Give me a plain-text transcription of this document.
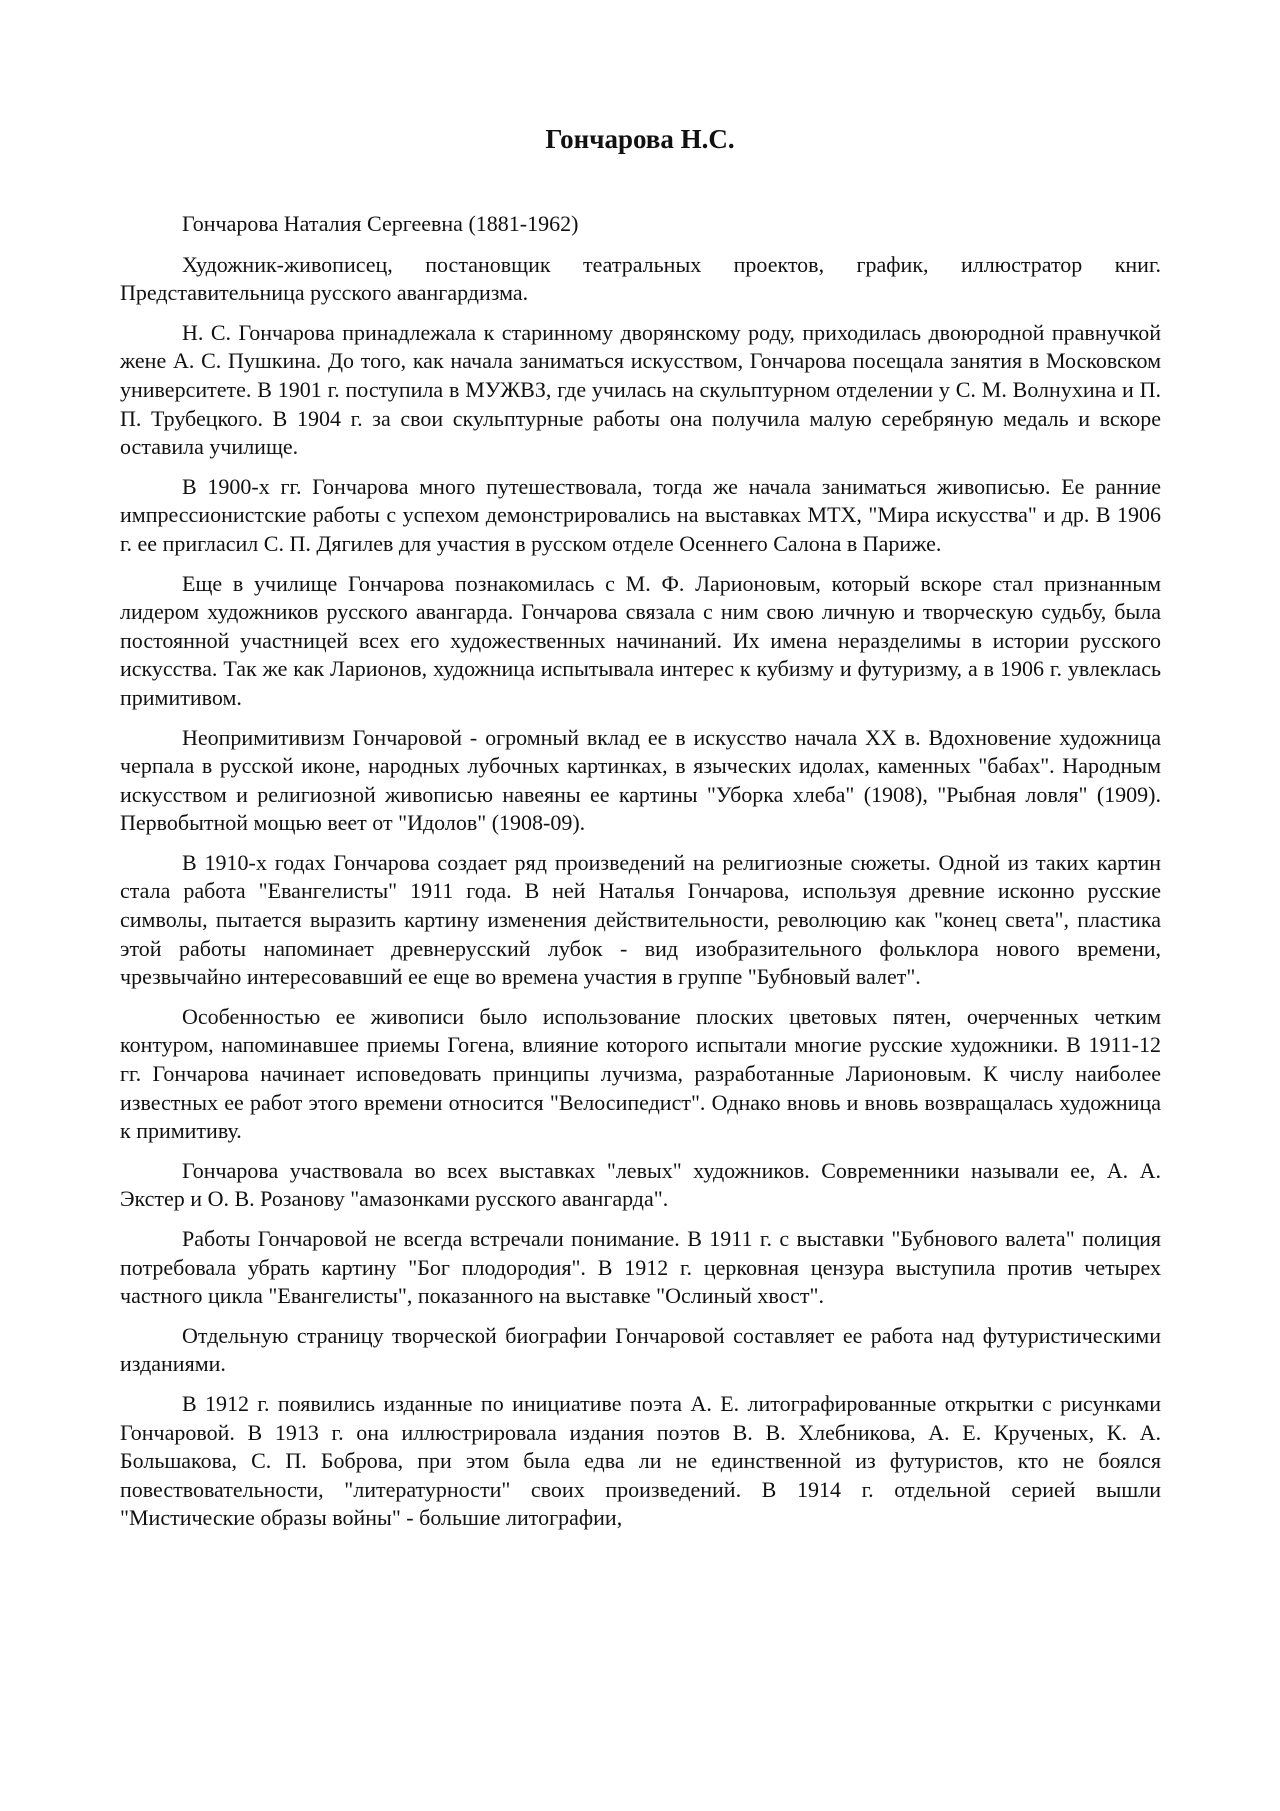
Гончарова Н.С.

Гончарова Наталия Сергеевна (1881-1962)

Художник-живописец, постановщик театральных проектов, график, иллюстратор книг. Представительница русского авангардизма.

Н. С. Гончарова принадлежала к старинному дворянскому роду, приходилась двоюродной правнучкой жене А. С. Пушкина. До того, как начала заниматься искусством, Гончарова посещала занятия в Московском университете. В 1901 г. поступила в МУЖВЗ, где училась на скульптурном отделении у С. М. Волнухина и П. П. Трубецкого. В 1904 г. за свои скульптурные работы она получила малую серебряную медаль и вскоре оставила училище.

В 1900-х гг. Гончарова много путешествовала, тогда же начала заниматься живописью. Ее ранние импрессионистские работы с успехом демонстрировались на выставках МТХ, "Мира искусства" и др. В 1906 г. ее пригласил С. П. Дягилев для участия в русском отделе Осеннего Салона в Париже.

Еще в училище Гончарова познакомилась с М. Ф. Ларионовым, который вскоре стал признанным лидером художников русского авангарда. Гончарова связала с ним свою личную и творческую судьбу, была постоянной участницей всех его художественных начинаний. Их имена неразделимы в истории русского искусства. Так же как Ларионов, художница испытывала интерес к кубизму и футуризму, а в 1906 г. увлеклась примитивом.

Неопримитивизм Гончаровой - огромный вклад ее в искусство начала XX в. Вдохновение художница черпала в русской иконе, народных лубочных картинках, в языческих идолах, каменных "бабах". Народным искусством и религиозной живописью навеяны ее картины "Уборка хлеба" (1908), "Рыбная ловля" (1909). Первобытной мощью веет от "Идолов" (1908-09).

В 1910-х годах Гончарова создает ряд произведений на религиозные сюжеты. Одной из таких картин стала работа "Евангелисты" 1911 года. В ней Наталья Гончарова, используя древние исконно русские символы, пытается выразить картину изменения действительности, революцию как "конец света", пластика этой работы напоминает древнерусский лубок - вид изобразительного фольклора нового времени, чрезвычайно интересовавший ее еще во времена участия в группе "Бубновый валет".

Особенностью ее живописи было использование плоских цветовых пятен, очерченных четким контуром, напоминавшее приемы Гогена, влияние которого испытали многие русские художники. В 1911-12 гг. Гончарова начинает исповедовать принципы лучизма, разработанные Ларионовым. К числу наиболее известных ее работ этого времени относится "Велосипедист". Однако вновь и вновь возвращалась художница к примитиву.

Гончарова участвовала во всех выставках "левых" художников. Современники называли ее, А. А. Экстер и О. В. Розанову "амазонками русского авангарда".

Работы Гончаровой не всегда встречали понимание. В 1911 г. с выставки "Бубнового валета" полиция потребовала убрать картину "Бог плодородия". В 1912 г. церковная цензура выступила против четырех частного цикла "Евангелисты", показанного на выставке "Ослиный хвост".

Отдельную страницу творческой биографии Гончаровой составляет ее работа над футуристическими изданиями.

В 1912 г. появились изданные по инициативе поэта А. Е. литографированные открытки с рисунками Гончаровой. В 1913 г. она иллюстрировала издания поэтов В. В. Хлебникова, А. Е. Крученых, К. А. Большакова, С. П. Боброва, при этом была едва ли не единственной из футуристов, кто не боялся повествовательности, "литературности" своих произведений. В 1914 г. отдельной серией вышли "Мистические образы войны" - большие литографии,
